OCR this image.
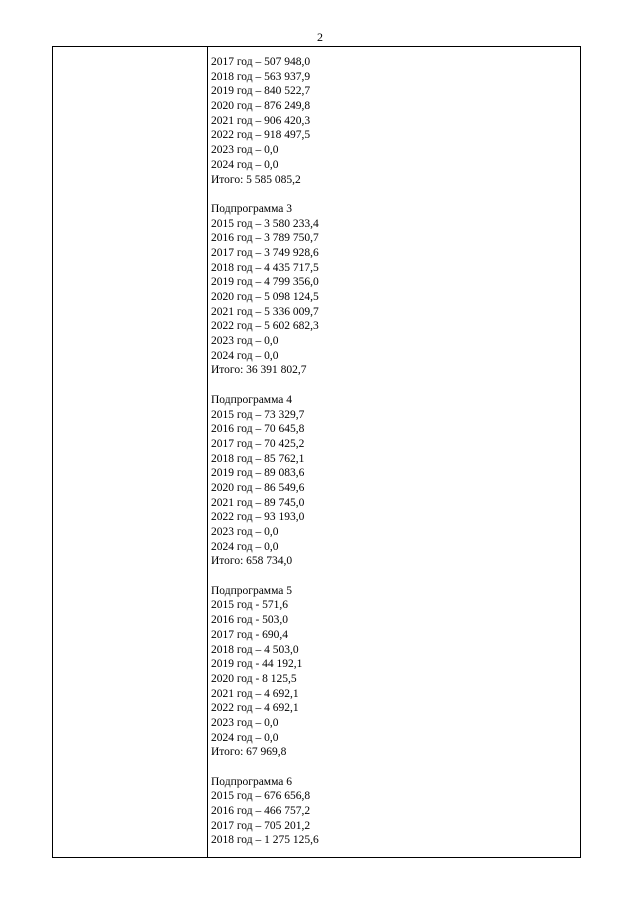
2
2017 год – 507 948,0
2018 год – 563 937,9
2019 год – 840 522,7
2020 год – 876 249,8
2021 год – 906 420,3
2022 год – 918 497,5
2023 год – 0,0
2024 год – 0,0
Итого: 5 585 085,2
Подпрограмма 3
2015 год – 3 580 233,4
2016 год – 3 789 750,7
2017 год – 3 749 928,6
2018 год – 4 435 717,5
2019 год – 4 799 356,0
2020 год – 5 098 124,5
2021 год – 5 336 009,7
2022 год – 5 602 682,3
2023 год – 0,0
2024 год – 0,0
Итого: 36 391 802,7
Подпрограмма 4
2015 год – 73 329,7
2016 год – 70 645,8
2017 год – 70 425,2
2018 год – 85 762,1
2019 год – 89 083,6
2020 год – 86 549,6
2021 год – 89 745,0
2022 год – 93 193,0
2023 год – 0,0
2024 год – 0,0
Итого: 658 734,0
Подпрограмма 5
2015 год - 571,6
2016 год - 503,0
2017 год - 690,4
2018 год – 4 503,0
2019 год - 44 192,1
2020 год - 8 125,5
2021 год – 4 692,1
2022 год – 4 692,1
2023 год – 0,0
2024 год – 0,0
Итого: 67 969,8
Подпрограмма 6
2015 год – 676 656,8
2016 год – 466 757,2
2017 год – 705 201,2
2018 год – 1 275 125,6
